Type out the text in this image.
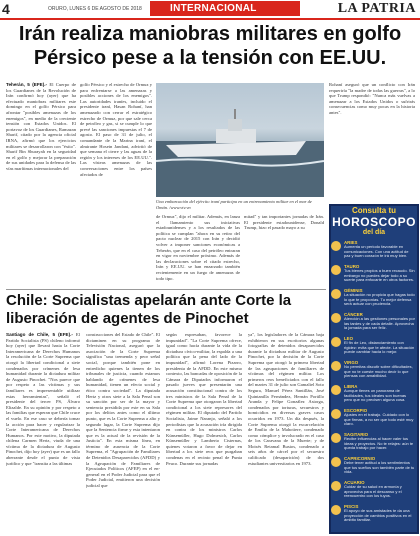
4	ORURO, LUNES 6 DE AGOSTO DE 2018	INTERNACIONAL	LA PATRIA
Irán realiza maniobras militares en golfo Pérsico pese a la tensión con EE.UU.
Teherán, 5 (EFE).- El Cuerpo de los Guardianes de la Revolución de Irán confirmó hoy (ayer) que ha efectuado maniobras militares este domingo en el golfo Pérsico para afrontar "posibles amenazas de los enemigos", en medio de la creciente tensión con Estados Unidos. El portavoz de los Guardianes, Ramazan Sharif, citado por la agencia oficial IRNA, afirmó que los ejercicios militares se desarrollaron con "éxito". Sharif Bin Shurayah en la seguridad en el golfo y mejorar la preparación de sus unidades para la defensa de las vías marítimas internacionales del
golfo Pérsico y el estrecho de Ormuz y para enfrentarse a las amenazas y posibles acciones de los enemigos". Las autoridades iraníes, incluido el presidente iraní, Hasan Rohaní, han amenazado con cerrar el estratégico estrecho de Ormuz, por que sale cerca de petróleo y gas, si se cumple lo que prevé las sanciones impuestas el 7 de agosto. El paso de 31 de julio, el comandante de la Marina iraní, el almirante Hosein Jandani, advirtió de que semana el cierre y las aguas de la región y los intereses de los EE.UU.". Las vísteas amenazas de las conversaciones entre los países afectados de
Una embarcación del ejército iraní participa en un entrenamiento militar en el mar de Omán. /www.vtv.vn
de Ormuz", dijo el militar. Además, en lanza el llamamiento sus iniciativas estadounidenses y a los resultados de las política se cumplan "ahora en su retiro del pacto nuclear de 2015 con Irán y decidió volver a imponer sanciones económicas a Teherán, que en el caso del petróleo entraran en vigor en noviembre próximo. Además de las declaraciones sobre el citado estrecho, Irán y EE.UU. se han enzarzado también recientemente en un fuego de amenazas de todo tipo.
mitad" y tan importantes jornadas de Irán. El presidente estadounidense, Donald Trump, hizo el pasado mayo a su
Rohaní aseguró que un conflicto con Irán requeriría "la madre de todas las guerras", a lo que Trump respondió: "Nunca más vuelvas a amenazar a los Estados Unidos o sufrirás consecuencias como muy pocas en la historia antes".
Chile: Socialistas apelarán ante Corte la liberación de agentes de Pinochet
Santiago de Chile, 5 (EFE).- El Partido Socialista (PS) chileno informó hoy (ayer) que llevará hasta la Corte Interamericana de Derechos Humanos la resolución de la Corte Suprema que otorgó la libertad condicional a siete condenados por crímenes de lesa humanidad durante la dictadura militar de Augusto Pinochet. "Nos parece que por respeto a las víctimas y sus familiares es impresentable utilizar estas herramientas", señaló el presidente del tercer PS, Álvaro Elizalde. En su opinión y por respeto a las familias que esperan que Chile cruce el vuelo. En ese caso se debería tomar la acción para hacer y regularizar la Corte Interamericana de Derechos Humanos. Por este motivo, la diputada chilena Carmen Hertz, viuda de una víctima de la dictadura de Augusto Pinochet, dijo hoy (ayer) que es un fallo aberrante desde el punto de vista jurídico y que "transita a las últimas
construcciones del Estado de Chile". El dictaminen en su programa de Televisión Nacional, aseguró que la asociación de la Corte Suprema significa "una tremenda y peor señal social, porque también pone en entredicho quienes la tienen de los tribunales de justicia, cuando estamos hablando de crímenes de lesa humanidad, tienen un efecto social y ético contra sociedad". La diputada Hertz y otros siete a la Sala Penal son su sanción por ser de la mayor y sentencia presidida por este en su Sala por los delitos antes como el último punto, que es la Corte Suprema a alto y segundo lugar, la Corte Suprema dijo que la Sentencia firme y esta intentaron que es la actual de la revisión de la Justicia". En esta misma línea, en término de ausencia de la Corte Suprema, el "Agrupación de Familiares de Detenidos Desaparecidos (AFDD) y la Agrupación de Familiares de Ejecutados Políticos (AFEP) en el en-general en el Poder Judicial para que el Poder Judicial, emitieron una decisión judicial que
según expresaban, favorece la impunidad". "La Corte Suprema ofrece, igual como hacía durante la vida de la dictadura cívico-militar, la espalda a una política que la pena del lado de la impunidad", afirmó Lorena Pizarro, presidenta de la AFDD. En este mismo contexto, las bancadas de oposición de la Cámara de Diputados informaron el pasado jueves que presentarán una acusación constitucional contra de los tres ministros de la Sala Penal de la Corte Suprema que otorgaron la libertad condicional a los siete represores del régimen militar. El diputado del Partido Socialista, Jaime Naranjo, señaló a los periodistas que la acusación iría dirigida en contra de los ministros Carlos Künsemüller, Hugo Dolmestch, Carlos Künsemüller y Lamberto Cisternas, quienes votaron a favor de dejar en libertad a los siete reos que purgaban condenas en el recinto penal de Punta Peuco. Durante sus jornadas
ya", los legisladores de la Cámara baja exhibieron en sus escritorios algunas fotografías de detenidos desaparecidos durante la dictadura militar de Augusto Pinochet, por la decisión de la Corte Suprema que otorgó la primera libertad de las agrupaciones de familiares de víctimas del régimen militar. Los primeros reos beneficiados con el fallo del martes 31 de julio son Gamaliel Soto Segura, Manuel Pérez Santillán, José Quintanilla Fernández, Hernán Portillo Aranda y Felipe González Astorga, condenados por torturas, secuestros y homicidios en diversas graves casos ocurridos en 1973. Un día después, la Corte Suprema otorgó la excarcelación de Emilio de la Mahotiere, condenado como cómplice y involucrado en el caso de los Caravana de la Muerte; y de Moisés Retamal Bustos, condenado a seis años de cárcel por el secuestro calificado (desaparición) de dos estudiantes universitarios en 1973.
Consulta tu
HOROSCOPO
del día
ARIES
Aumenta un periodo favorable en comunicaciones. Con una actitud de paz y buen corazón te irá muy bien.
TAURO
Tus bienes propios a buen recaudo. Sin embargo no puedes dejar todo a su suerte para enfocarte en otros factores.
GÉMINIS
La situación no propicia que hagas todo lo que te proponías. Tu mejor defensa será actuar con prudencia.
CÁNCER
Atención a las gestiones personales por las tardes y de cada detalle. Aprovecha la jornada para ser feliz.
LEO
El fin de Leo, distanciamiento con rigidez: evita que te afecte. La situación puede cambiar hacia lo mejor.
VIRGO
No permitas discutir sobre dificultades, que no te cueste mucho decir lo que piensas con amabilidad.
LIBRA
Aunque tienes un panorama de facilidades, tus ideales son buenas pero que no precisen alguna cosa.
ESCORPIO
Ajustes en el trabajo. Cuidado con lo que firmas, a no ser que todo esté muy claro.
SAGITARIO
Recibe influencias al hacer valer tus ideas y proyectos. No te relajes: aún te queda trabajo por hacer.
CAPRICORNIO
Debe tener actitud a los sentimientos que tus sueños son también parte de tu vida.
ACUARIO
Cuidar de su salud en armonía y aprovecha para el descanso y el reencuentro con los tuyos.
PISCIS
El apoyo de sus amistades te da una proyección de cambios positivos en el ámbito familiar.
